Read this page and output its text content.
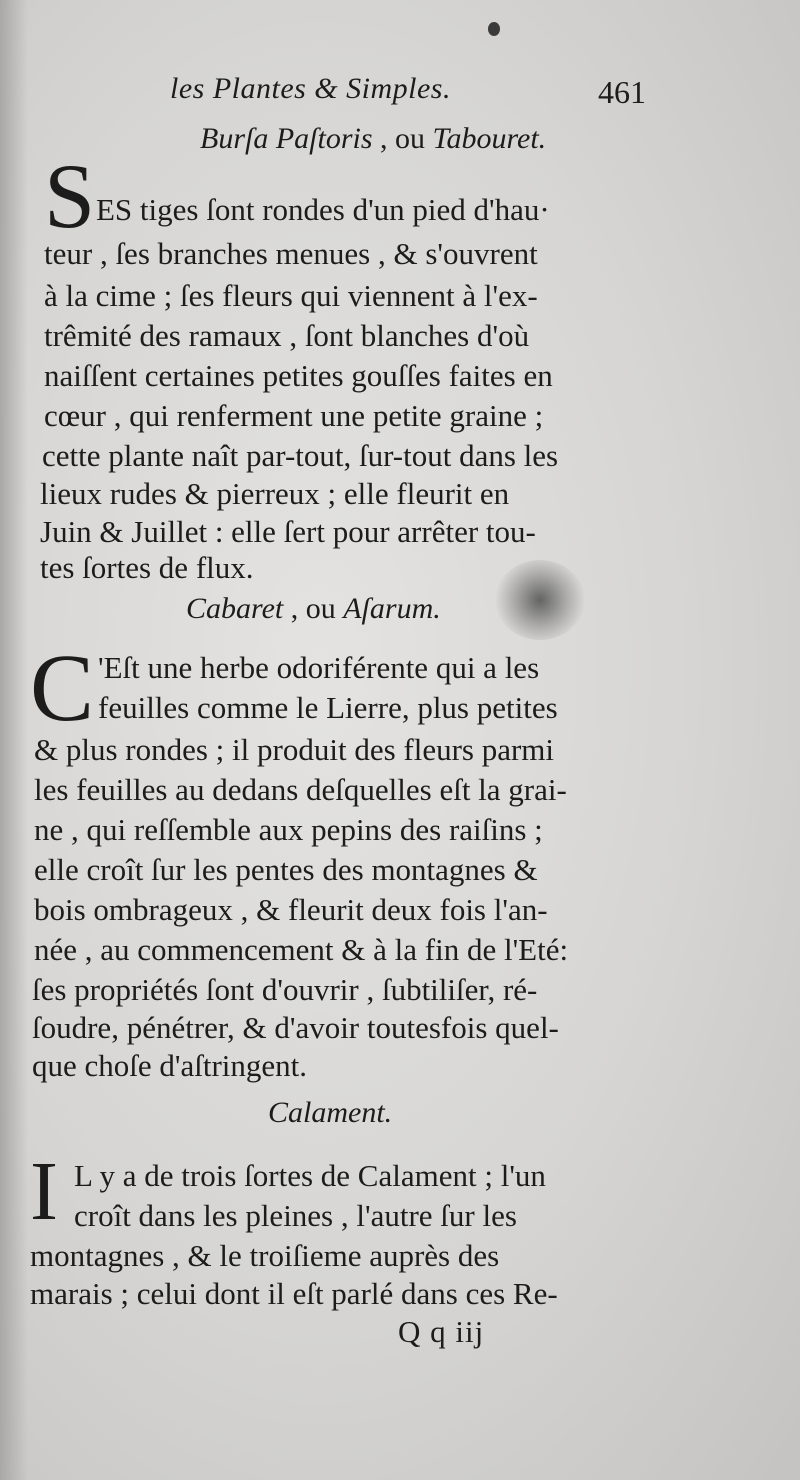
les Plantes & Simples.	461
Burſa Paſtoris , ou Tabouret.
S ES tiges ſont rondes d'un pied d'hau·
teur , ſes branches menues , & s'ouvrent
à la cime ; ſes fleurs qui viennent à l'ex-
trêmité des ramaux , ſont blanches d'où
naiſſent certaines petites gouſſes faites en
cœur , qui renferment une petite graine ;
cette plante naît par-tout, ſur-tout dans les
lieux rudes & pierreux ; elle fleurit en
Juin & Juillet : elle ſert pour arrêter tou-
tes ſortes de flux.
Cabaret , ou Aſarum.
C 'Eſt une herbe odoriférente qui a les
feuilles comme le Lierre, plus petites
& plus rondes ; il produit des fleurs parmi
les feuilles au dedans deſquelles eſt la grai-
ne , qui reſſemble aux pepins des raiſins ;
elle croît ſur les pentes des montagnes &
bois ombrageux , & fleurit deux fois l'an-
née , au commencement & à la fin de l'Eté:
ſes propriétés ſont d'ouvrir , ſubtiliſer, ré-
ſoudre, pénétrer, & d'avoir toutesfois quel-
que choſe d'aſtringent.
Calament.
I L y a de trois ſortes de Calament ; l'un
croît dans les pleines , l'autre ſur les
montagnes , & le troiſieme auprès des
marais ; celui dont il eſt parlé dans ces Re-
Q q iij
